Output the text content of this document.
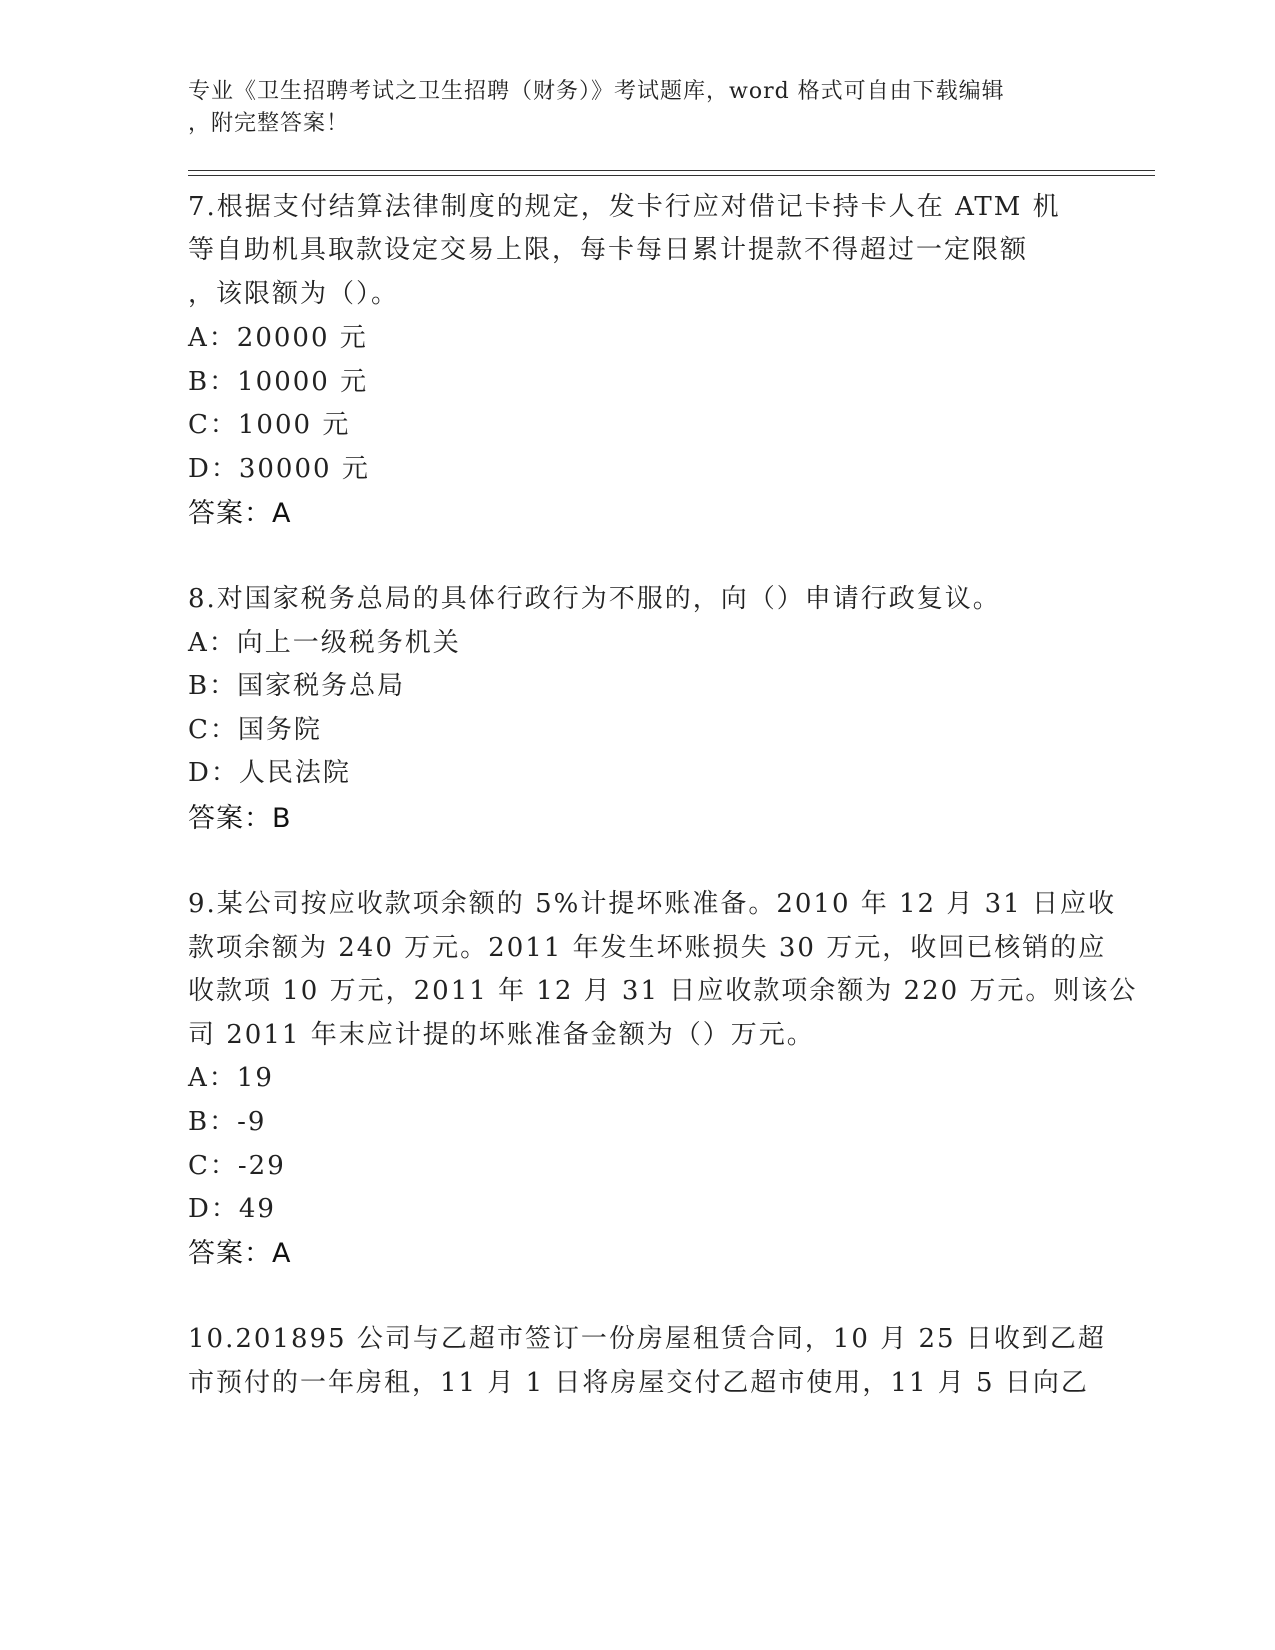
专业《卫生招聘考试之卫生招聘（财务）》考试题库，word 格式可自由下载编辑
，附完整答案！
7.根据支付结算法律制度的规定，发卡行应对借记卡持卡人在 ATM 机
等自助机具取款设定交易上限，每卡每日累计提款不得超过一定限额
，该限额为（）。
A：20000 元
B：10000 元
C：1000 元
D：30000 元
答案：A
8.对国家税务总局的具体行政行为不服的，向（）申请行政复议。
A：向上一级税务机关
B：国家税务总局
C：国务院
D：人民法院
答案：B
9.某公司按应收款项余额的 5%计提坏账准备。2010 年 12 月 31 日应收
款项余额为 240 万元。2011 年发生坏账损失 30 万元，收回已核销的应
收款项 10 万元，2011 年 12 月 31 日应收款项余额为 220 万元。则该公
司 2011 年末应计提的坏账准备金额为（）万元。
A：19
B：-9
C：-29
D：49
答案：A
10.201895 公司与乙超市签订一份房屋租赁合同，10 月 25 日收到乙超
市预付的一年房租，11 月 1 日将房屋交付乙超市使用，11 月 5 日向乙
